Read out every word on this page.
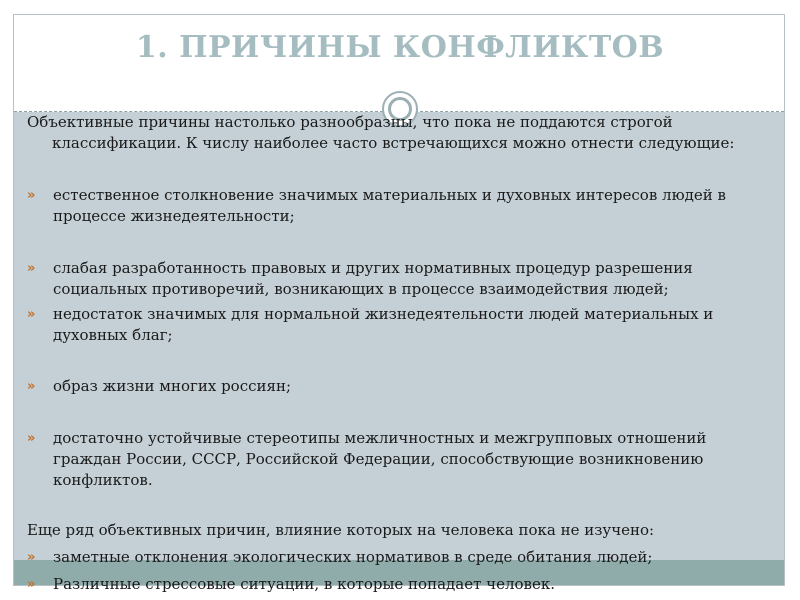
1. ПРИЧИНЫ КОНФЛИКТОВ

Объективные причины настолько разнообразны, что пока не поддаются строгой классификации. К числу наиболее часто встречающихся можно отнести следующие:

»	естественное столкновение значимых материальных и духовных интересов людей в процессе жизнедеятельности;
»	слабая разработанность правовых и других нормативных процедур разрешения социальных противоречий, возникающих в процессе взаимодействия людей;
»	недостаток значимых для нормальной жизнедеятельности людей материальных и духовных благ;
»	образ жизни многих россиян;
»	достаточно устойчивые стереотипы межличностных и межгрупповых отношений граждан России, СССР, Российской Федерации, способствующие возникновению конфликтов.

Еще ряд объективных причин, влияние которых на человека пока не изучено:

»	заметные отклонения экологических нормативов в среде обитания людей;
»	Различные стрессовые ситуации, в которые попадает человек.
